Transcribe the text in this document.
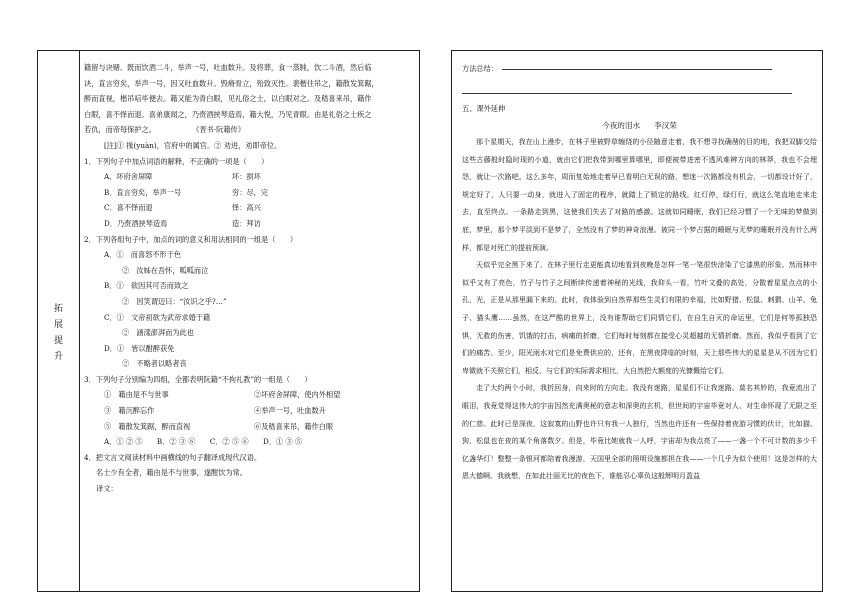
拓
展
提
升

籍留与诀赌。既而饮酒二斗，举声一号，吐血数升。及将葬，食一蒸肫，饮二斗酒，然后临

诀，直言穷矣，举声一号，因又吐血数升。毁瘠骨立，殆致灭性。裴楷往吊之，籍散发箕踞，

醉而直视，楷吊唁毕便去。籍又能为青白眼，见礼俗之士，以白眼对之。及嵇喜来吊，籍作

白眼，喜不怿而退。喜弟康闻之，乃赍酒挟琴造焉，籍大悦，乃见青眼。由是礼俗之士疾之

若仇，而帝每保护之。	《晋书·阮籍传》

[注]① 掾(yuàn)，官府中的属官。② 劝进，劝即帝位。

1．下列句子中加点词语的解释，不正确的一项是（　　）

A．坏府舍屏障	坏：损坏
B．直言穷矣，举声一号	穷：尽，完
C．喜不怿而退	怿：高兴
D．乃赍酒挟琴造焉	造：拜访

2．下列各组句子中，加点的词的意义和用法相同的一组是（　　）

A．①　而喜怒不形于色

②　汝姊在吾怀，呱呱而泣

B．①　欲因其可否而致之

②　因笑谓迈曰：“汝识之乎?…”

C．①　文帝初欲为武帝求婚于籍

②　涵漾澎湃而为此也

D．①　皆以酣醉获免

②　不略者以略者丧

3．下列句子分别编为四组，全都表明阮籍“不拘礼教”的一组是（　　）

①　籍由是不与世事	②坏府舍屏障，使内外相望
③　籍沉醉忘作	④举声一号，吐血数升
⑤　籍散发箕踞，醉而直视	⑥及嵇喜来吊，籍作白眼

A．① ② ⑤　　B．② ③ ⑥　　C．② ⑤ ⑥　　D．① ③ ⑤

4．把文言文阅读材料中画横线的句子翻译成现代汉语。

名士少有全者，籍由是不与世事，遂酣饮为常。

译文：

方法总结：

五、课外延伸

今夜的泪水 李汉荣

那个星期天，我在山上漫步，在林子里被野草缠绕的小径随意走着，我不想寻找确凿的目的地，我把双脚交给这些古藤般时隐时现的小道，就由它们把我带到哪里算哪里，即便被带进密不透风难辨方向的林莽，我也不会埋怨，就让一次路吧。这么多年，周而复始地走着早已看明白无误的路，想迷一次路都没有机会，一切都设计好了，规定好了，人只要一动身，就进入了固定的程序，就踏上了锁定的路线，红灯停，绿灯行，就这么笔直地走来走去，直至终点。一条路走到黑，这使我们失去了对路的感激。这就如同睡眠，我们已经习惯了一个无味的梦做到底，梦里，那个梦平淡到不是梦了，全然没有了梦的神奇浪漫。被同一个梦占据的睡眠与无梦的睡眠并没有什么两样，都是对死亡的提前预演。

天似乎完全黑下来了，在林子里行走更能真切地看到夜晚是怎样一笔一笔很快涂染了它漆黑的形象。然而林中似乎又有了亮色，竹子与竹子之间断续传递着神秘的光线，我仰头一看，竹叶文叠的高处，分散着星星点点的小孔，光，正是从那里漏下来的。此时，我体验到自然界那些生灵们有限的幸福，比如野猪、松鼠、刺猬、山羊、兔子、猫头鹰……虽然，在这严酷的世界上，没有谁帮助它们同情它们，在自生自灭的命运里，它们是何等孤独恐惧，无救的伤害，饥饿的打击，病痛的折磨，它们每时每刻都在接受心灵超越的无情折磨。然而，我似乎看到了它们的痛苦。至少，阳光雨水对它们是免费供应的，还有，在黑夜降临的时刻，天上那些伟大的星星是从不因为它们卑微就不关照它们，相反，与它们的实际需求相比，大自然把大额度的光慷慨给它们。

走了大约两个小时，我折回身，向来时的方向走。我没有迷路，星星们不让我迷路。莫名其妙的，我竟流出了眼泪，我竟觉得这伟大的宇宙因然充满奥秘的意志和深奥的玄机，但世间的宇宙毕竟对人、对生命怀现了无限之至的仁慈。此时已是深夜，这寂寞的山野也许只有我一人独行，当然也许还有一些保持着夜游习惯的伏计，比如猫、狗、松鼠也在夜的某个角落数夕。但是，毕竟比她就我一人呼，宇宙却为我点亮了——一盏一个不可计数的多少千亿盏华灯！整整一条银河都陪着我漫游，天国里全部的照明设施都担在我——一个几乎为似个使用！这是怎样的大恩大德啊。我就想，在如此壮丽无比的夜色下，谁能忍心辜负这般辉明月盈益
